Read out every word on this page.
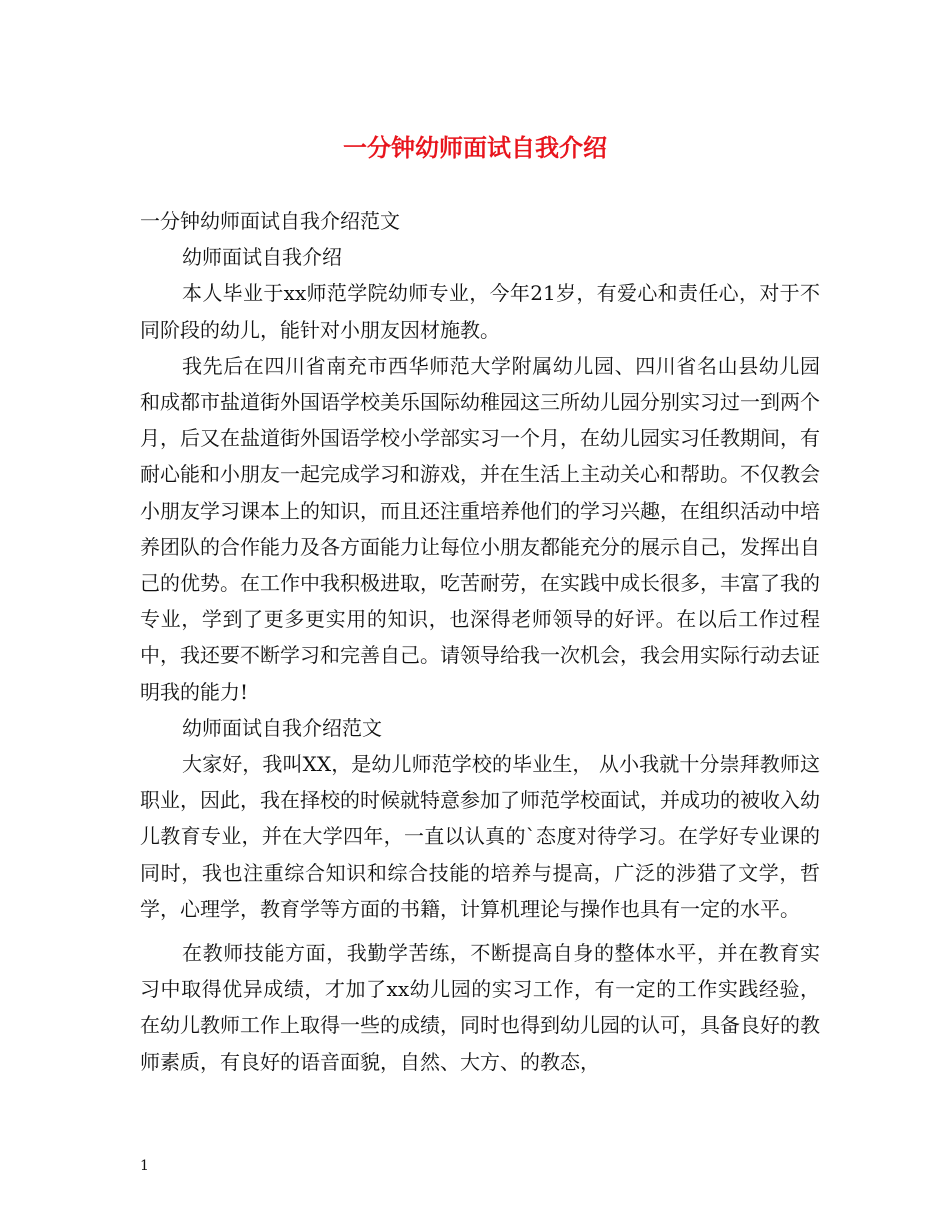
一分钟幼师面试自我介绍

一分钟幼师面试自我介绍范文

幼师面试自我介绍

本人毕业于xx师范学院幼师专业，今年21岁，有爱心和责任心，对于不同阶段的幼儿，能针对小朋友因材施教。

我先后在四川省南充市西华师范大学附属幼儿园、四川省名山县幼儿园和成都市盐道街外国语学校美乐国际幼稚园这三所幼儿园分别实习过一到两个月，后又在盐道街外国语学校小学部实习一个月，在幼儿园实习任教期间，有耐心能和小朋友一起完成学习和游戏，并在生活上主动关心和帮助。不仅教会小朋友学习课本上的知识，而且还注重培养他们的学习兴趣，在组织活动中培养团队的合作能力及各方面能力让每位小朋友都能充分的展示自己，发挥出自己的优势。在工作中我积极进取，吃苦耐劳，在实践中成长很多，丰富了我的专业，学到了更多更实用的知识，也深得老师领导的好评。在以后工作过程中，我还要不断学习和完善自己。请领导给我一次机会，我会用实际行动去证明我的能力!

幼师面试自我介绍范文

大家好，我叫XX，是幼儿师范学校的毕业生， 从小我就十分崇拜教师这职业，因此，我在择校的时候就特意参加了师范学校面试，并成功的被收入幼儿教育专业，并在大学四年，一直以认真的`态度对待学习。在学好专业课的同时，我也注重综合知识和综合技能的培养与提高，广泛的涉猎了文学，哲学，心理学，教育学等方面的书籍，计算机理论与操作也具有一定的水平。

在教师技能方面，我勤学苦练，不断提高自身的整体水平，并在教育实习中取得优异成绩，才加了xx幼儿园的实习工作，有一定的工作实践经验，在幼儿教师工作上取得一些的成绩，同时也得到幼儿园的认可，具备良好的教师素质，有良好的语音面貌，自然、大方、的教态，

1
